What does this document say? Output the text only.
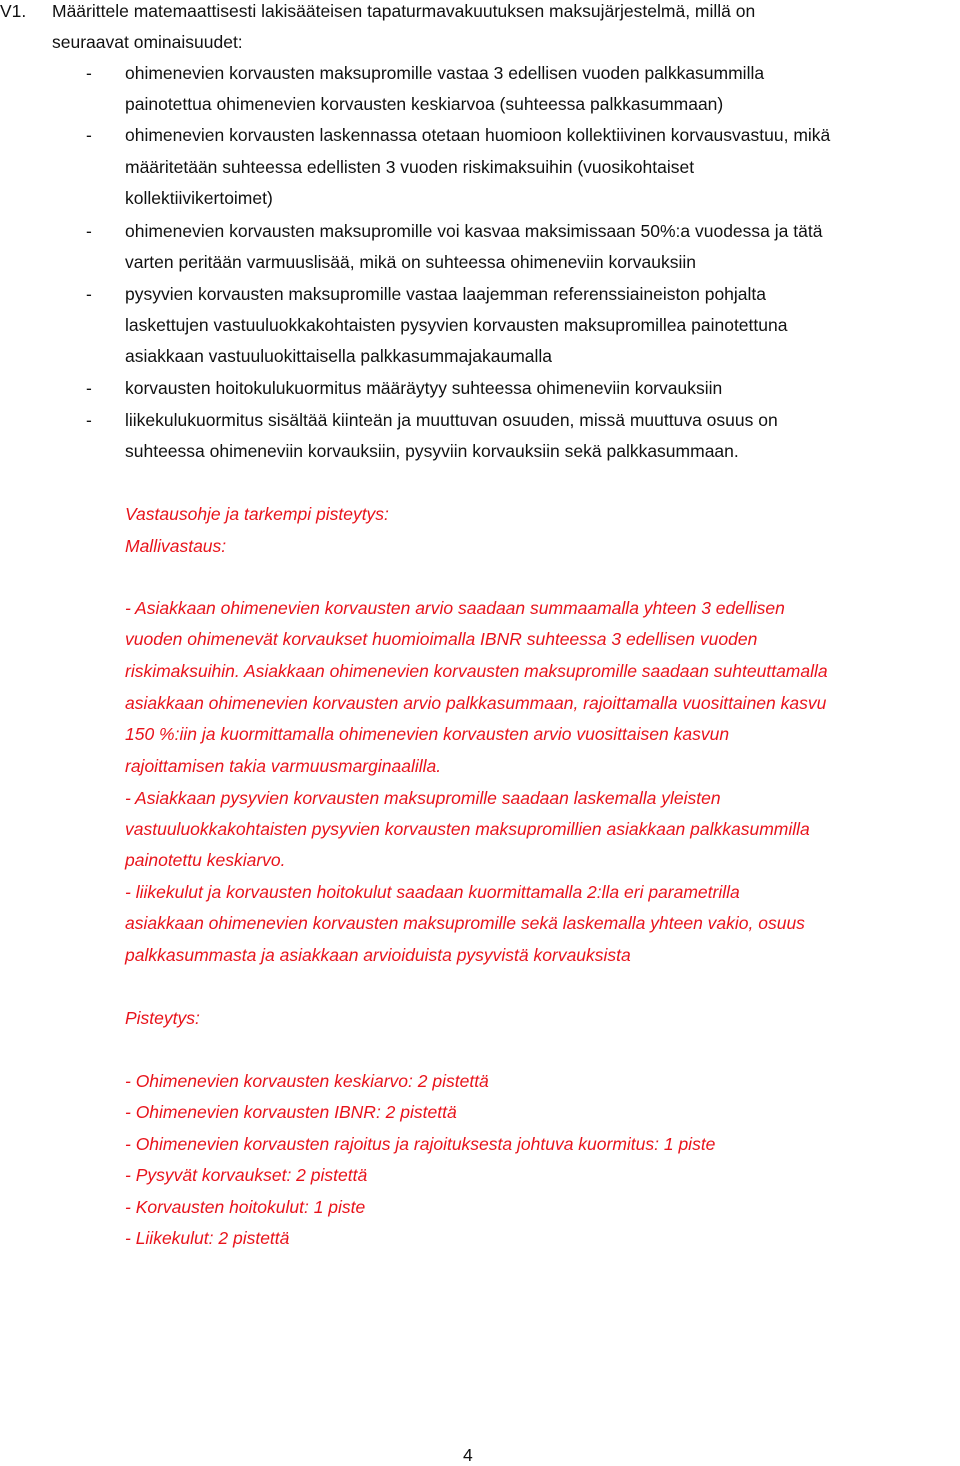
V1. Määrittele matemaattisesti lakisääteisen tapaturmavakuutuksen maksujärjestelmä, millä on
seuraavat ominaisuudet:
- ohimenevien korvausten maksupromille vastaa 3 edellisen vuoden palkkasummilla
painotettua ohimenevien korvausten keskiarvoa (suhteessa palkkasummaan)
- ohimenevien korvausten laskennassa otetaan huomioon kollektiivinen korvausvastuu, mikä
määritetään suhteessa edellisten 3 vuoden riskimaksuihin (vuosikohtaiset
kollektiivikertoimet)
- ohimenevien korvausten maksupromille voi kasvaa maksimissaan 50%:a vuodessa ja tätä
varten peritään varmuuslisää, mikä on suhteessa ohimeneviin korvauksiin
- pysyvien korvausten maksupromille vastaa laajemman referenssiaineiston pohjalta
laskettujen vastuuluokkakohtaisten pysyvien korvausten maksupromillea painotettuna
asiakkaan vastuuluokittaisella palkkasummajakaumalla
- korvausten hoitokulukuormitus määräytyy suhteessa ohimeneviin korvauksiin
- liikekulukuormitus sisältää kiinteän ja muuttuvan osuuden, missä muuttuva osuus on
suhteessa ohimeneviin korvauksiin, pysyviin korvauksiin sekä palkkasummaan.
Vastausohje ja tarkempi pisteytys:
Mallivastaus:
- Asiakkaan ohimenevien korvausten arvio saadaan summaamalla yhteen 3 edellisen
vuoden ohimenevät korvaukset huomioimalla IBNR suhteessa 3 edellisen vuoden
riskimaksuihin. Asiakkaan ohimenevien korvausten maksupromille saadaan suhteuttamalla
asiakkaan ohimenevien korvausten arvio palkkasummaan, rajoittamalla vuosittainen kasvu
150 %:iin ja kuormittamalla ohimenevien korvausten arvio vuosittaisen kasvun
rajoittamisen takia varmuusmarginaalilla.
- Asiakkaan pysyvien korvausten maksupromille saadaan laskemalla yleisten
vastuuluokkakohtaisten pysyvien korvausten maksupromillien asiakkaan palkkasummilla
painotettu keskiarvo.
- liikekulut ja korvausten hoitokulut saadaan kuormittamalla 2:lla eri parametrilla
asiakkaan ohimenevien korvausten maksupromille sekä laskemalla yhteen vakio, osuus
palkkasummasta ja asiakkaan arvioiduista pysyvistä korvauksista
Pisteytys:
- Ohimenevien korvausten keskiarvo: 2 pistettä
- Ohimenevien korvausten IBNR: 2 pistettä
- Ohimenevien korvausten rajoitus ja rajoituksesta johtuva kuormitus: 1 piste
- Pysyvät korvaukset: 2 pistettä
- Korvausten hoitokulut: 1 piste
- Liikekulut: 2 pistettä
4
